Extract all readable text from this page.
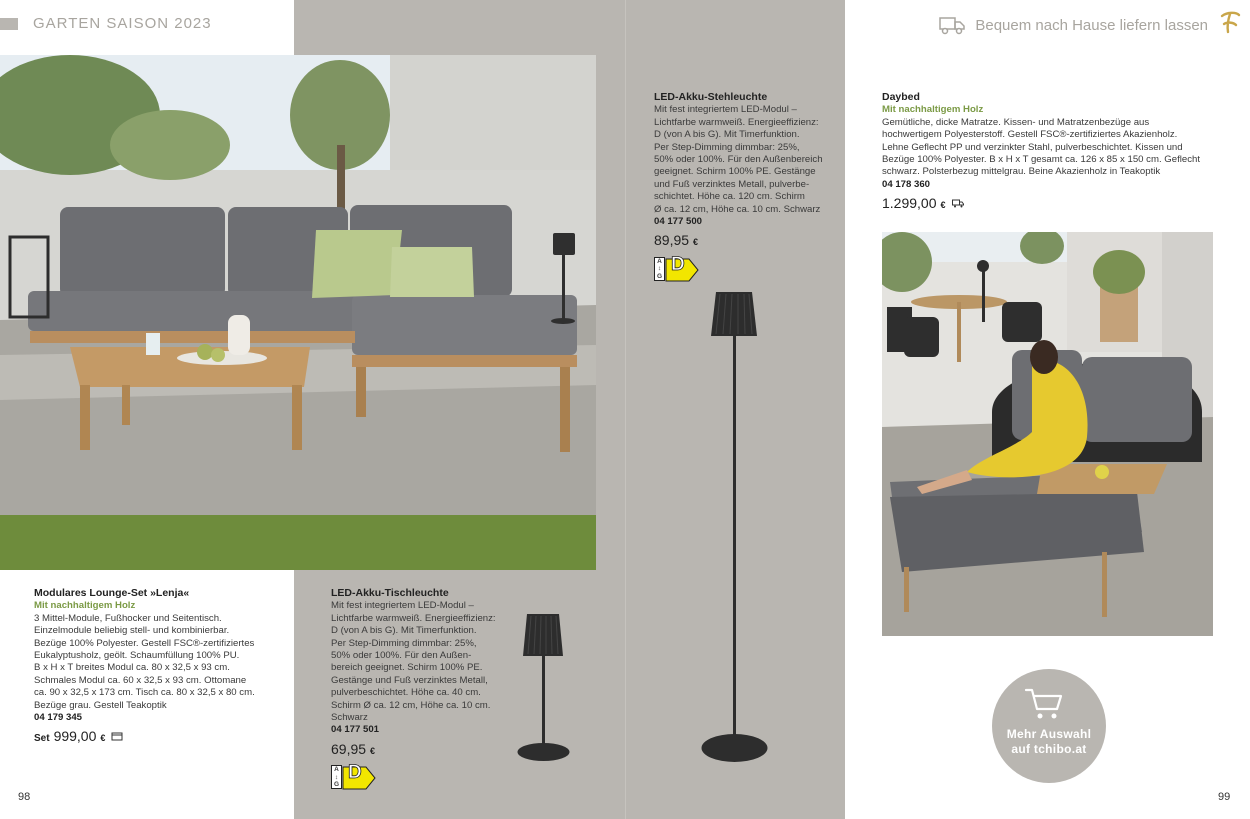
GARTEN SAISON 2023	Bequem nach Hause liefern lassen
Modulares Lounge-Set »Lenja«
Mit nachhaltigem Holz
3 Mittel-Module, Fußhocker und Seitentisch.
Einzelmodule beliebig stell- und kombinierbar.
Bezüge 100% Polyester. Gestell FSC®-zertifiziertes
Eukalyptusholz, geölt. Schaumfüllung 100% PU.
B x H x T breites Modul ca. 80 x 32,5 x 93 cm.
Schmales Modul ca. 60 x 32,5 x 93 cm. Ottomane
ca. 90 x 32,5 x 173 cm. Tisch ca. 80 x 32,5 x 80 cm.
Bezüge grau. Gestell Teakoptik
04 179 345
Set 999,00 €
LED-Akku-Tischleuchte
Mit fest integriertem LED-Modul –
Lichtfarbe warmweiß. Energieeffizienz:
D (von A bis G). Mit Timerfunktion.
Per Step-Dimming dimmbar: 25%,
50% oder 100%. Für den Außen-
bereich geeignet. Schirm 100% PE.
Gestänge und Fuß verzinktes Metall,
pulverbeschichtet. Höhe ca. 40 cm.
Schirm Ø ca. 12 cm, Höhe ca. 10 cm.
Schwarz
04 177 501
69,95 €
A
↕
G
D
LED-Akku-Stehleuchte
Mit fest integriertem LED-Modul –
Lichtfarbe warmweiß. Energieeffizienz:
D (von A bis G). Mit Timerfunktion.
Per Step-Dimming dimmbar: 25%,
50% oder 100%. Für den Außenbereich
geeignet. Schirm 100% PE. Gestänge
und Fuß verzinktes Metall, pulverbe-
schichtet. Höhe ca. 120 cm. Schirm
Ø ca. 12 cm, Höhe ca. 10 cm. Schwarz
04 177 500
89,95 €
A
↕
G
D
Daybed
Mit nachhaltigem Holz
Gemütliche, dicke Matratze. Kissen- und Matratzenbezüge aus
hochwertigem Polyesterstoff. Gestell FSC®-zertifiziertes Akazienholz.
Lehne Geflecht PP und verzinkter Stahl, pulverbeschichtet. Kissen und
Bezüge 100% Polyester. B x H x T gesamt ca. 126 x 85 x 150 cm. Geflecht
schwarz. Polsterbezug mittelgrau. Beine Akazienholz in Teakoptik
04 178 360
1.299,00 €
Mehr Auswahl
auf tchibo.at
98	99
